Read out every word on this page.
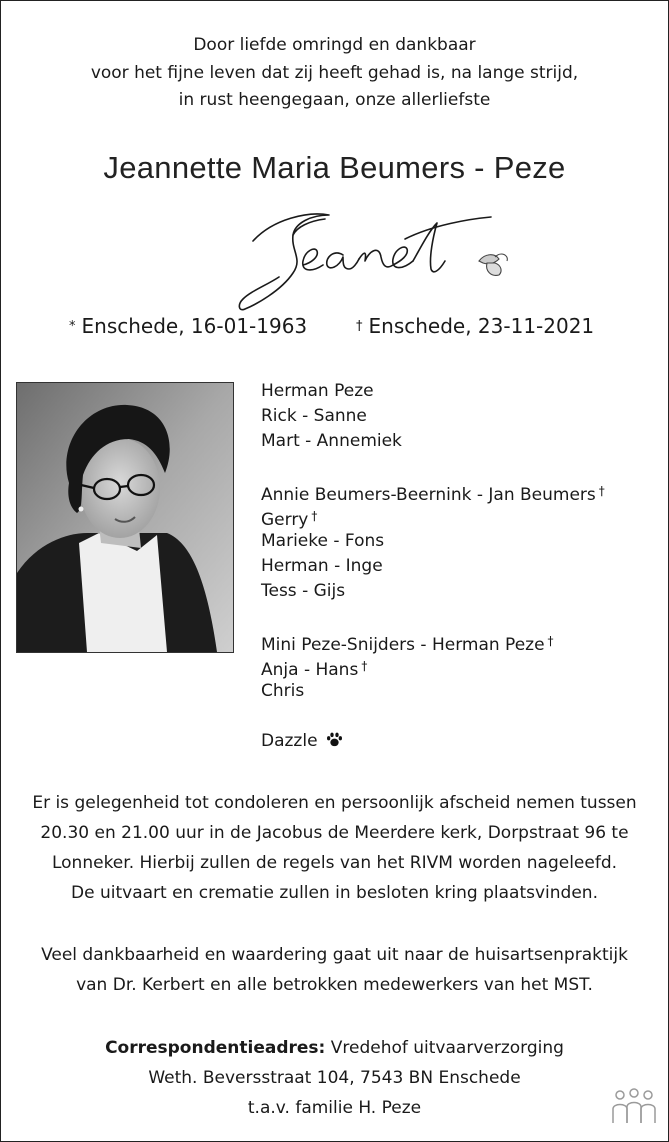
Door liefde omringd en dankbaar
voor het fijne leven dat zij heeft gehad is, na lange strijd,
in rust heengegaan, onze allerliefste
Jeannette Maria Beumers - Peze
* Enschede, 16-01-1963	† Enschede, 23-11-2021
Herman Peze
Rick - Sanne
Mart - Annemiek
Annie Beumers-Beernink - Jan Beumers †
Gerry †
Marieke - Fons
Herman - Inge
Tess - Gijs
Mini Peze-Snijders - Herman Peze †
Anja - Hans †
Chris
Dazzle
Er is gelegenheid tot condoleren en persoonlijk afscheid nemen tussen
20.30 en 21.00 uur in de Jacobus de Meerdere kerk, Dorpstraat 96 te
Lonneker. Hierbij zullen de regels van het RIVM worden nageleefd.
De uitvaart en crematie zullen in besloten kring plaatsvinden.
Veel dankbaarheid en waardering gaat uit naar de huisartsenpraktijk
van Dr. Kerbert en alle betrokken medewerkers van het MST.
Correspondentieadres: Vredehof uitvaarverzorging
Weth. Beversstraat 104, 7543 BN Enschede
t.a.v. familie H. Peze
